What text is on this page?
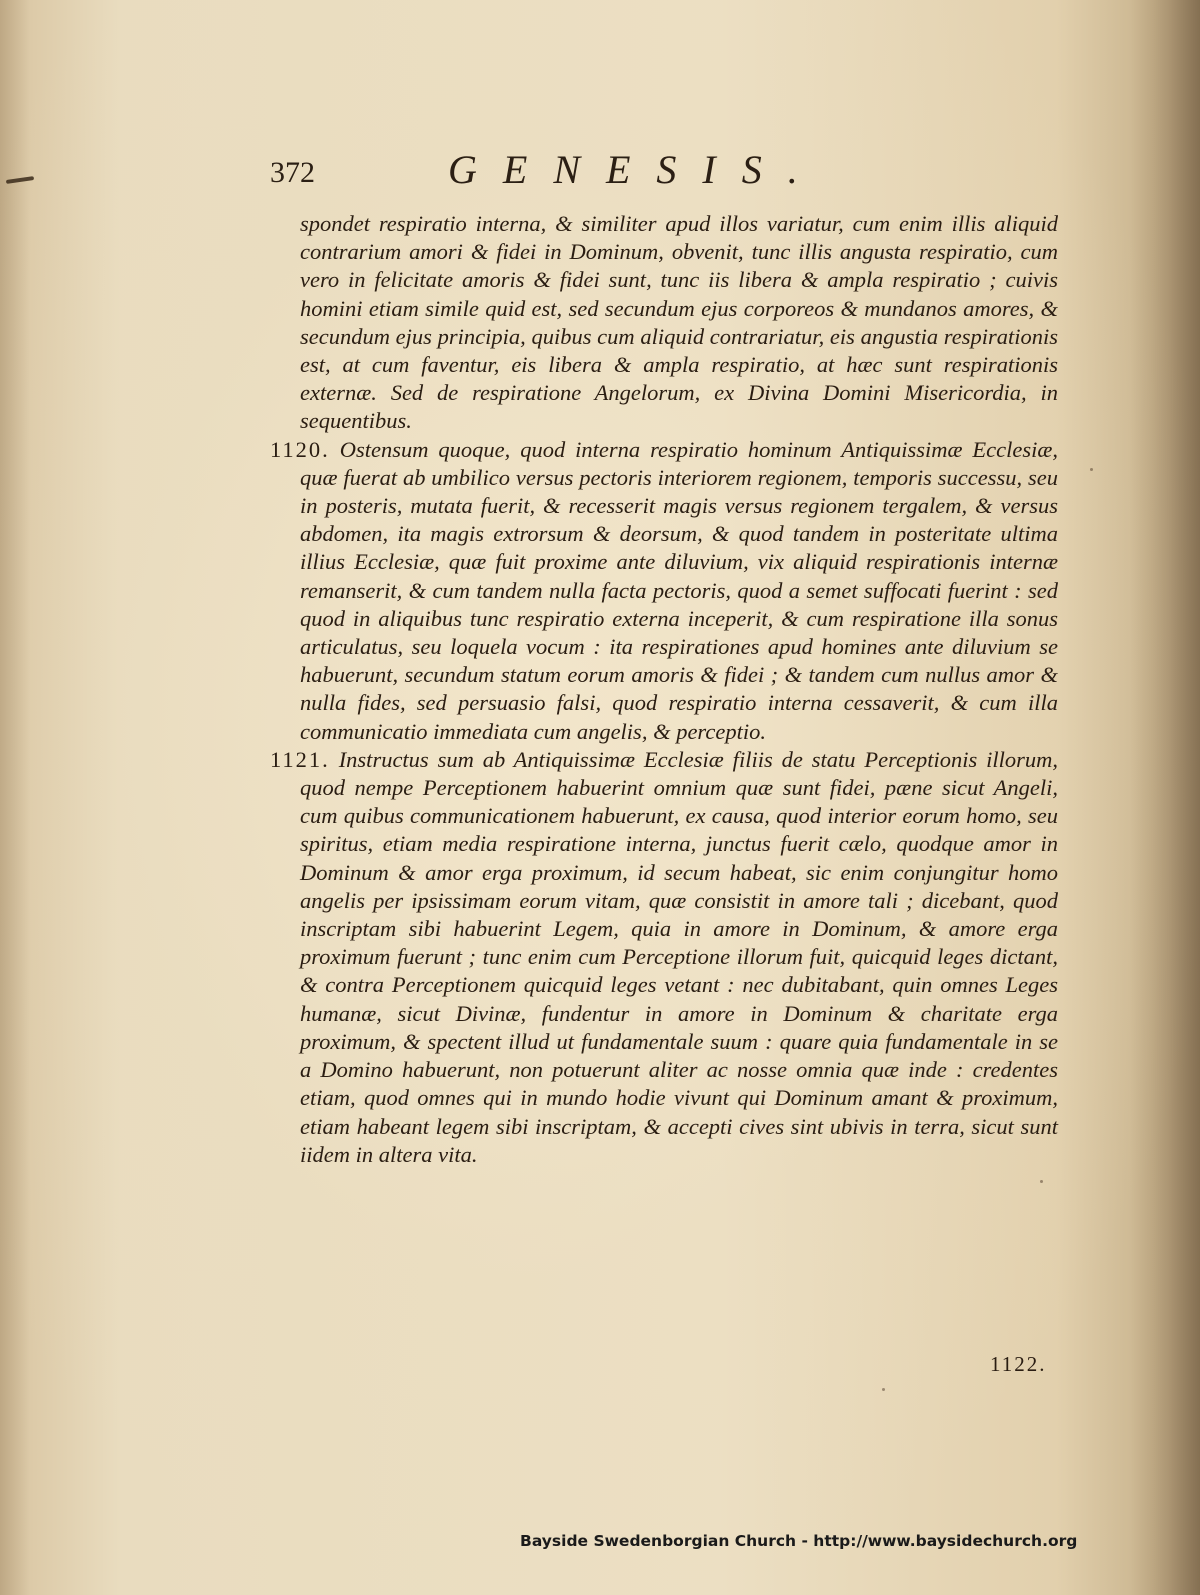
372	GENESIS.

spondet respiratio interna, & similiter apud illos variatur, cum enim illis aliquid contrarium amori & fidei in Dominum, obvenit, tunc illis angusta respiratio, cum vero in felicitate amoris & fidei sunt, tunc iis libera & ampla respiratio ; cuivis homini etiam simile quid est, sed secundum ejus corporeos & mundanos amores, & secundum ejus principia, quibus cum aliquid contrariatur, eis angustia respirationis est, at cum faventur, eis libera & ampla respiratio, at hæc sunt respirationis externæ. Sed de respiratione Angelorum, ex Divina Domini Misericordia, in sequentibus.

1120. Ostensum quoque, quod interna respiratio hominum Antiquissimæ Ecclesiæ, quæ fuerat ab umbilico versus pectoris interiorem regionem, temporis successu, seu in posteris, mutata fuerit, & recesserit magis versus regionem tergalem, & versus abdomen, ita magis extrorsum & deorsum, & quod tandem in posteritate ultima illius Ecclesiæ, quæ fuit proxime ante diluvium, vix aliquid respirationis internæ remanserit, & cum tandem nulla facta pectoris, quod a semet suffocati fuerint : sed quod in aliquibus tunc respiratio externa inceperit, & cum respiratione illa sonus articulatus, seu loquela vocum : ita respirationes apud homines ante diluvium se habuerunt, secundum statum eorum amoris & fidei ; & tandem cum nullus amor & nulla fides, sed persuasio falsi, quod respiratio interna cessaverit, & cum illa communicatio immediata cum angelis, & perceptio.

1121. Instructus sum ab Antiquissimæ Ecclesiæ filiis de statu Perceptionis illorum, quod nempe Perceptionem habuerint omnium quæ sunt fidei, pæne sicut Angeli, cum quibus communicationem habuerunt, ex causa, quod interior eorum homo, seu spiritus, etiam media respiratione interna, junctus fuerit cælo, quodque amor in Dominum & amor erga proximum, id secum habeat, sic enim conjungitur homo angelis per ipsissimam eorum vitam, quæ consistit in amore tali ; dicebant, quod inscriptam sibi habuerint Legem, quia in amore in Dominum, & amore erga proximum fuerunt ; tunc enim cum Perceptione illorum fuit, quicquid leges dictant, & contra Perceptionem quicquid leges vetant : nec dubitabant, quin omnes Leges humanæ, sicut Divinæ, fundentur in amore in Dominum & charitate erga proximum, & spectent illud ut fundamentale suum : quare quia fundamentale in se a Domino habuerunt, non potuerunt aliter ac nosse omnia quæ inde : credentes etiam, quod omnes qui in mundo hodie vivunt qui Dominum amant & proximum, etiam habeant legem sibi inscriptam, & accepti cives sint ubivis in terra, sicut sunt iidem in altera vita.

1122.
Bayside Swedenborgian Church - http://www.baysidechurch.org
